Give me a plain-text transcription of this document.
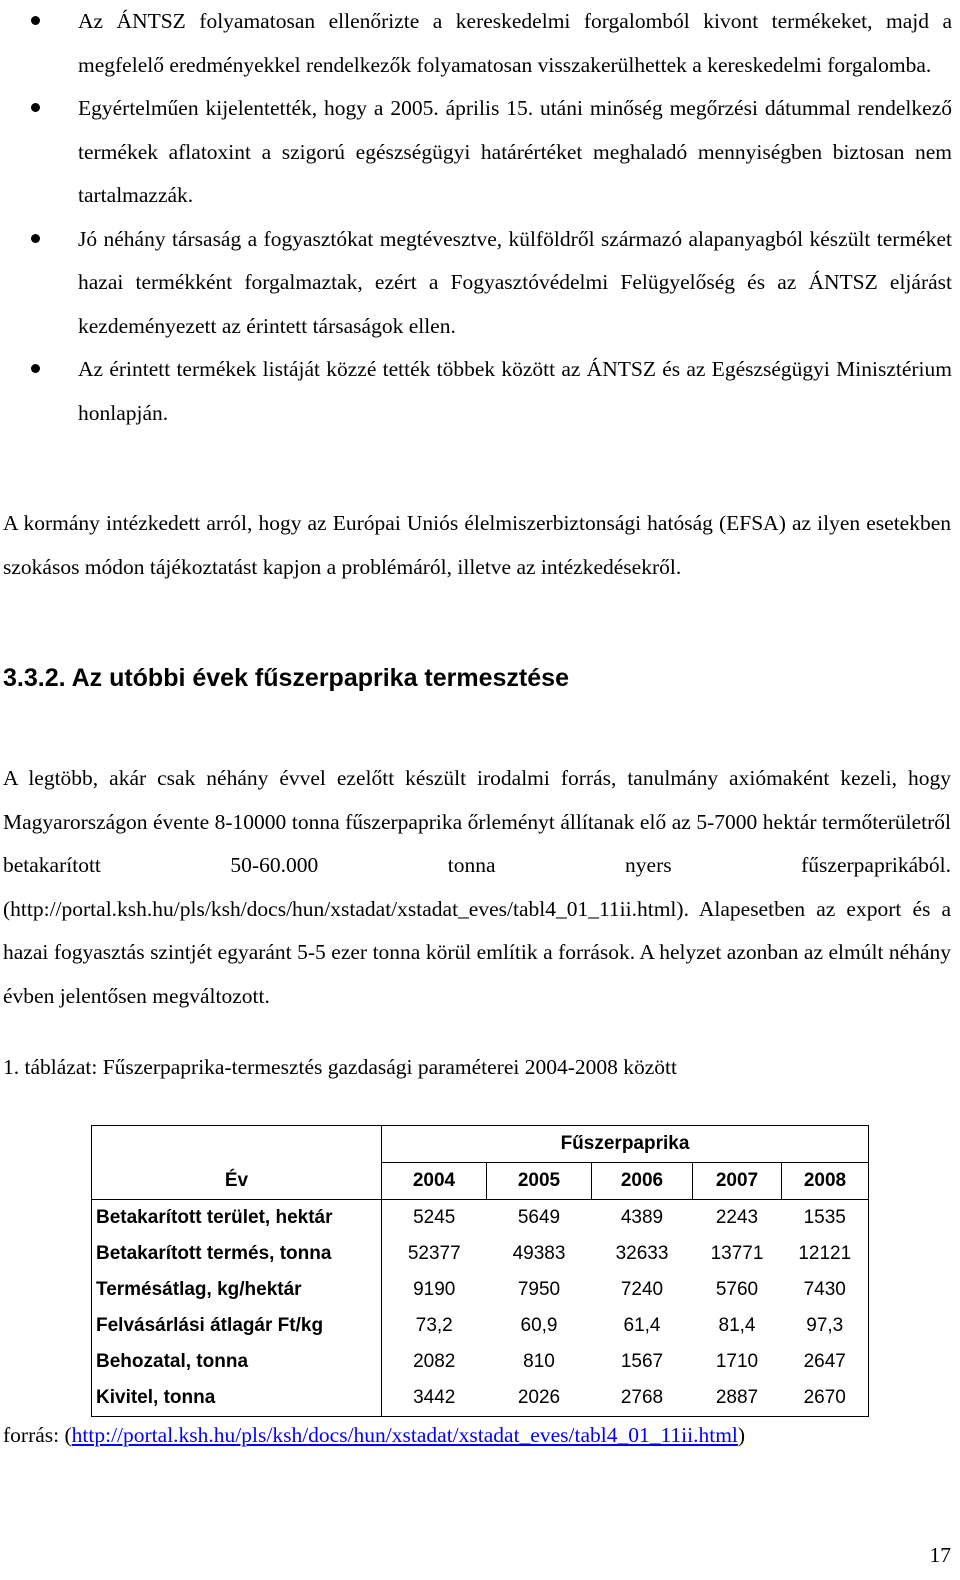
Az ÁNTSZ folyamatosan ellenőrizte a kereskedelmi forgalomból kivont termékeket, majd a megfelelő eredményekkel rendelkezők folyamatosan visszakerülhettek a kereskedelmi forgalomba.
Egyértelműen kijelentették, hogy a 2005. április 15. utáni minőség megőrzési dátummal rendelkező termékek aflatoxint a szigorú egészségügyi határértéket meghaladó mennyiségben biztosan nem tartalmazzák.
Jó néhány társaság a fogyasztókat megtévesztve, külföldről származó alapanyagból készült terméket hazai termékként forgalmaztak, ezért a Fogyasztóvédelmi Felügyelőség és az ÁNTSZ eljárást kezdeményezett az érintett társaságok ellen.
Az érintett termékek listáját közzé tették többek között az ÁNTSZ és az Egészségügyi Minisztérium honlapján.

A kormány intézkedett arról, hogy az Európai Uniós élelmiszerbiztonsági hatóság (EFSA) az ilyen esetekben szokásos módon tájékoztatást kapjon a problémáról, illetve az intézkedésekről.

3.3.2. Az utóbbi évek fűszerpaprika termesztése

A legtöbb, akár csak néhány évvel ezelőtt készült irodalmi forrás, tanulmány axiómaként kezeli, hogy Magyarországon évente 8-10000 tonna fűszerpaprika őrleményt állítanak elő az 5-7000 hektár termőterületről betakarított 50-60.000 tonna nyers fűszerpaprikából. (http://portal.ksh.hu/pls/ksh/docs/hun/xstadat/xstadat_eves/tabl4_01_11ii.html). Alapesetben az export és a hazai fogyasztás szintjét egyaránt 5-5 ezer tonna körül említik a források. A helyzet azonban az elmúlt néhány évben jelentősen megváltozott.

1. táblázat: Fűszerpaprika-termesztés gazdasági paraméterei 2004-2008 között

	Fűszerpaprika				
Év	2004	2005	2006	2007	2008
Betakarított terület, hektár	5245	5649	4389	2243	1535
Betakarított termés, tonna	52377	49383	32633	13771	12121
Termésátlag, kg/hektár	9190	7950	7240	5760	7430
Felvásárlási átlagár Ft/kg	73,2	60,9	61,4	81,4	97,3
Behozatal, tonna	2082	810	1567	1710	2647
Kivitel, tonna	3442	2026	2768	2887	2670

forrás: (http://portal.ksh.hu/pls/ksh/docs/hun/xstadat/xstadat_eves/tabl4_01_11ii.html)

17
